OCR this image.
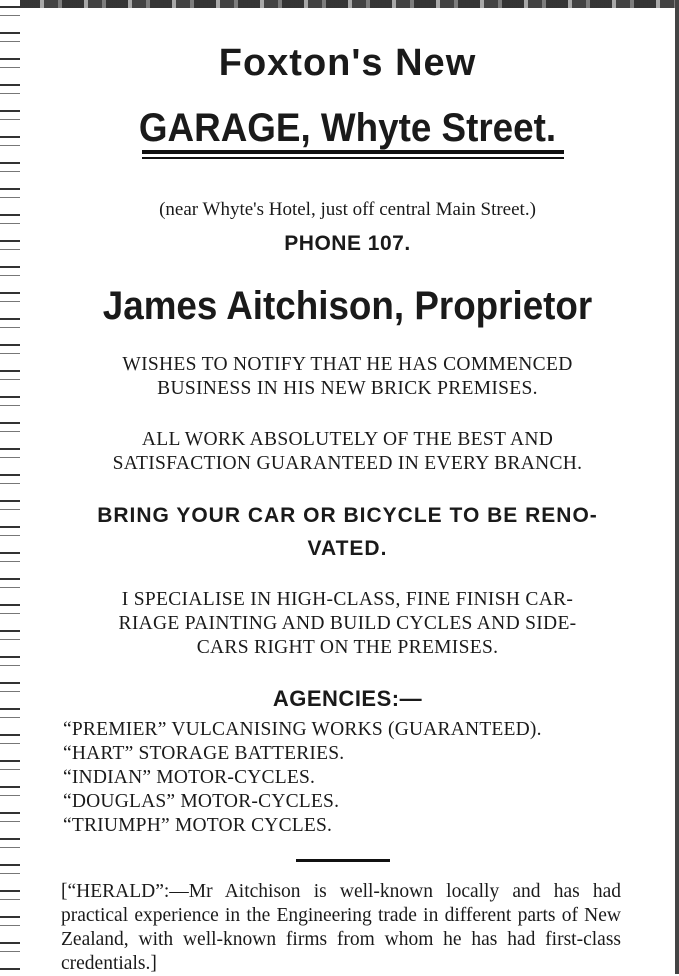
Foxton's New
GARAGE, Whyte Street.
(near Whyte's Hotel, just off central Main Street.)
PHONE 107.
James Aitchison, Proprietor
WISHES TO NOTIFY THAT HE HAS COMMENCED
BUSINESS IN HIS NEW BRICK PREMISES.
ALL WORK ABSOLUTELY OF THE BEST AND
SATISFACTION GUARANTEED IN EVERY BRANCH.
BRING YOUR CAR OR BICYCLE TO BE RENO-
VATED.
I SPECIALISE IN HIGH-CLASS, FINE FINISH CAR-
RIAGE PAINTING AND BUILD CYCLES AND SIDE-
CARS RIGHT ON THE PREMISES.
AGENCIES:—
“PREMIER” VULCANISING WORKS (GUARANTEED).
“HART” STORAGE BATTERIES.
“INDIAN” MOTOR-CYCLES.
“DOUGLAS” MOTOR-CYCLES.
“TRIUMPH” MOTOR CYCLES.

[“HERALD”:—Mr Aitchison is well-known locally and has had practical experience in the Engineering trade in different parts of New Zealand, with well-known firms from whom he has had first-class credentials.]
